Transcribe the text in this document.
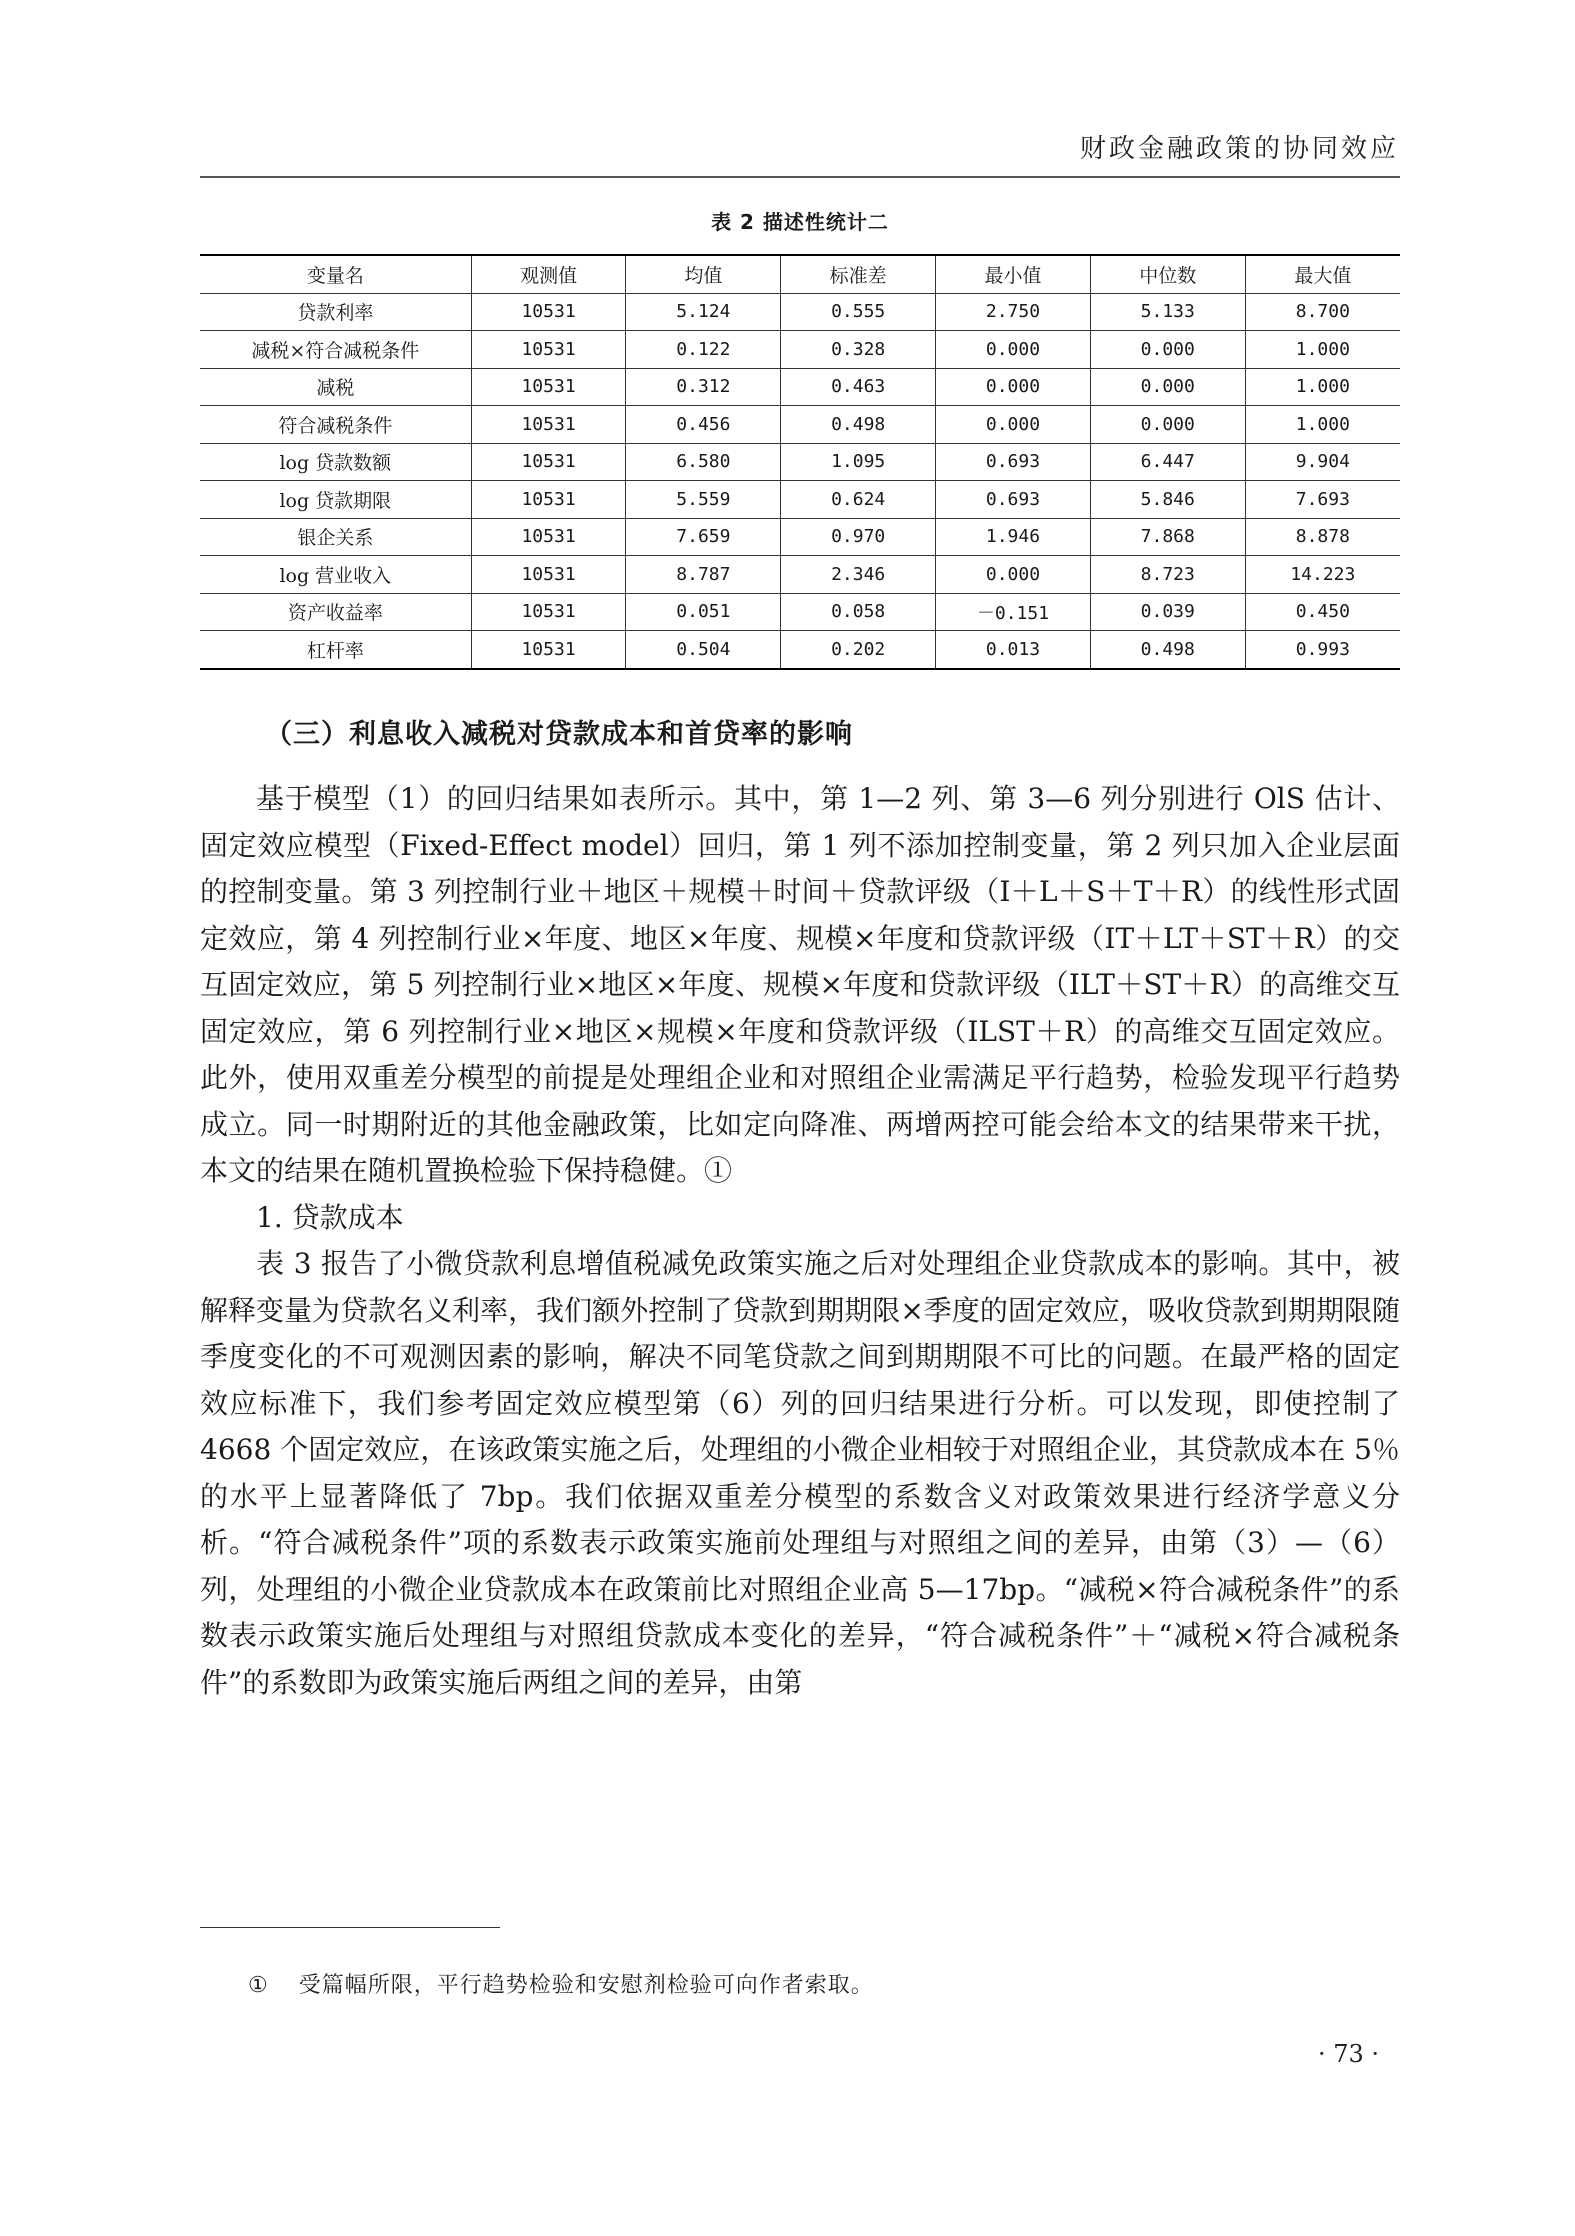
财政金融政策的协同效应
表 2 描述性统计二
变量名	观测值	均值	标准差	最小值	中位数	最大值
贷款利率	10531	5.124	0.555	2.750	5.133	8.700
减税×符合减税条件	10531	0.122	0.328	0.000	0.000	1.000
减税	10531	0.312	0.463	0.000	0.000	1.000
符合减税条件	10531	0.456	0.498	0.000	0.000	1.000
log 贷款数额	10531	6.580	1.095	0.693	6.447	9.904
log 贷款期限	10531	5.559	0.624	0.693	5.846	7.693
银企关系	10531	7.659	0.970	1.946	7.868	8.878
log 营业收入	10531	8.787	2.346	0.000	8.723	14.223
资产收益率	10531	0.051	0.058	－0.151	0.039	0.450
杠杆率	10531	0.504	0.202	0.013	0.498	0.993
（三）利息收入减税对贷款成本和首贷率的影响

基于模型（1）的回归结果如表所示。其中，第 1—2 列、第 3—6 列分别进行 OlS 估计、固定效应模型（Fixed-Effect model）回归，第 1 列不添加控制变量，第 2 列只加入企业层面的控制变量。第 3 列控制行业＋地区＋规模＋时间＋贷款评级（I＋L＋S＋T＋R）的线性形式固定效应，第 4 列控制行业×年度、地区×年度、规模×年度和贷款评级（IT＋LT＋ST＋R）的交互固定效应，第 5 列控制行业×地区×年度、规模×年度和贷款评级（ILT＋ST＋R）的高维交互固定效应，第 6 列控制行业×地区×规模×年度和贷款评级（ILST＋R）的高维交互固定效应。此外，使用双重差分模型的前提是处理组企业和对照组企业需满足平行趋势，检验发现平行趋势成立。同一时期附近的其他金融政策，比如定向降准、两增两控可能会给本文的结果带来干扰，本文的结果在随机置换检验下保持稳健。①

1. 贷款成本

表 3 报告了小微贷款利息增值税减免政策实施之后对处理组企业贷款成本的影响。其中，被解释变量为贷款名义利率，我们额外控制了贷款到期期限×季度的固定效应，吸收贷款到期期限随季度变化的不可观测因素的影响，解决不同笔贷款之间到期期限不可比的问题。在最严格的固定效应标准下，我们参考固定效应模型第（6）列的回归结果进行分析。可以发现，即使控制了 4668 个固定效应，在该政策实施之后，处理组的小微企业相较于对照组企业，其贷款成本在 5％的水平上显著降低了 7bp。我们依据双重差分模型的系数含义对政策效果进行经济学意义分析。“符合减税条件”项的系数表示政策实施前处理组与对照组之间的差异，由第（3）—（6）列，处理组的小微企业贷款成本在政策前比对照组企业高 5—17bp。“减税×符合减税条件”的系数表示政策实施后处理组与对照组贷款成本变化的差异，“符合减税条件”＋“减税×符合减税条件”的系数即为政策实施后两组之间的差异，由第

① 受篇幅所限，平行趋势检验和安慰剂检验可向作者索取。
· 73 ·
